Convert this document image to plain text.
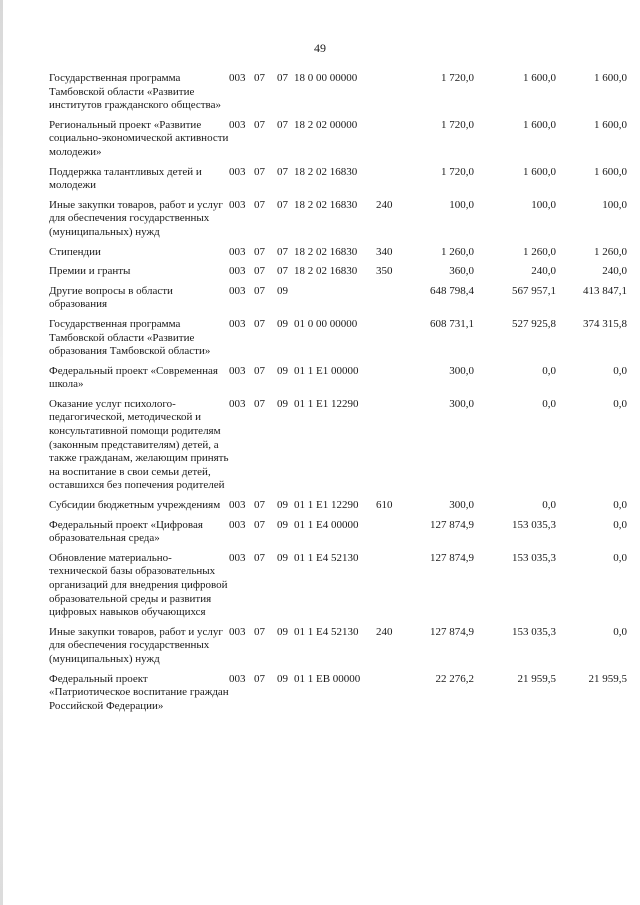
49
Государственная программа Тамбовской области «Развитие институтов гражданского общества»	003	07	07	18 0 00 00000		1 720,0	1 600,0	1 600,0
Региональный проект «Развитие социально-экономической активности молодежи»	003	07	07	18 2 02 00000		1 720,0	1 600,0	1 600,0
Поддержка талантливых детей и молодежи	003	07	07	18 2 02 16830		1 720,0	1 600,0	1 600,0
Иные закупки товаров, работ и услуг для обеспечения государственных (муниципальных) нужд	003	07	07	18 2 02 16830	240	100,0	100,0	100,0
Стипендии	003	07	07	18 2 02 16830	340	1 260,0	1 260,0	1 260,0
Премии и гранты	003	07	07	18 2 02 16830	350	360,0	240,0	240,0
Другие вопросы в области образования	003	07	09			648 798,4	567 957,1	413 847,1
Государственная программа Тамбовской области «Развитие образования Тамбовской области»	003	07	09	01 0 00 00000		608 731,1	527 925,8	374 315,8
Федеральный проект «Современная школа»	003	07	09	01 1 E1 00000		300,0	0,0	0,0
Оказание услуг психолого-педагогической, методической и консультативной помощи родителям (законным представителям) детей, а также гражданам, желающим принять на воспитание в свои семьи детей, оставшихся без попечения родителей	003	07	09	01 1 E1 12290		300,0	0,0	0,0
Субсидии бюджетным учреждениям	003	07	09	01 1 E1 12290	610	300,0	0,0	0,0
Федеральный проект «Цифровая образовательная среда»	003	07	09	01 1 E4 00000		127 874,9	153 035,3	0,0
Обновление материально-технической базы образовательных организаций для внедрения цифровой образовательной среды и развития цифровых навыков обучающихся	003	07	09	01 1 E4 52130		127 874,9	153 035,3	0,0
Иные закупки товаров, работ и услуг для обеспечения государственных (муниципальных) нужд	003	07	09	01 1 E4 52130	240	127 874,9	153 035,3	0,0
Федеральный проект «Патриотическое воспитание граждан Российской Федерации»	003	07	09	01 1 EB 00000		22 276,2	21 959,5	21 959,5
